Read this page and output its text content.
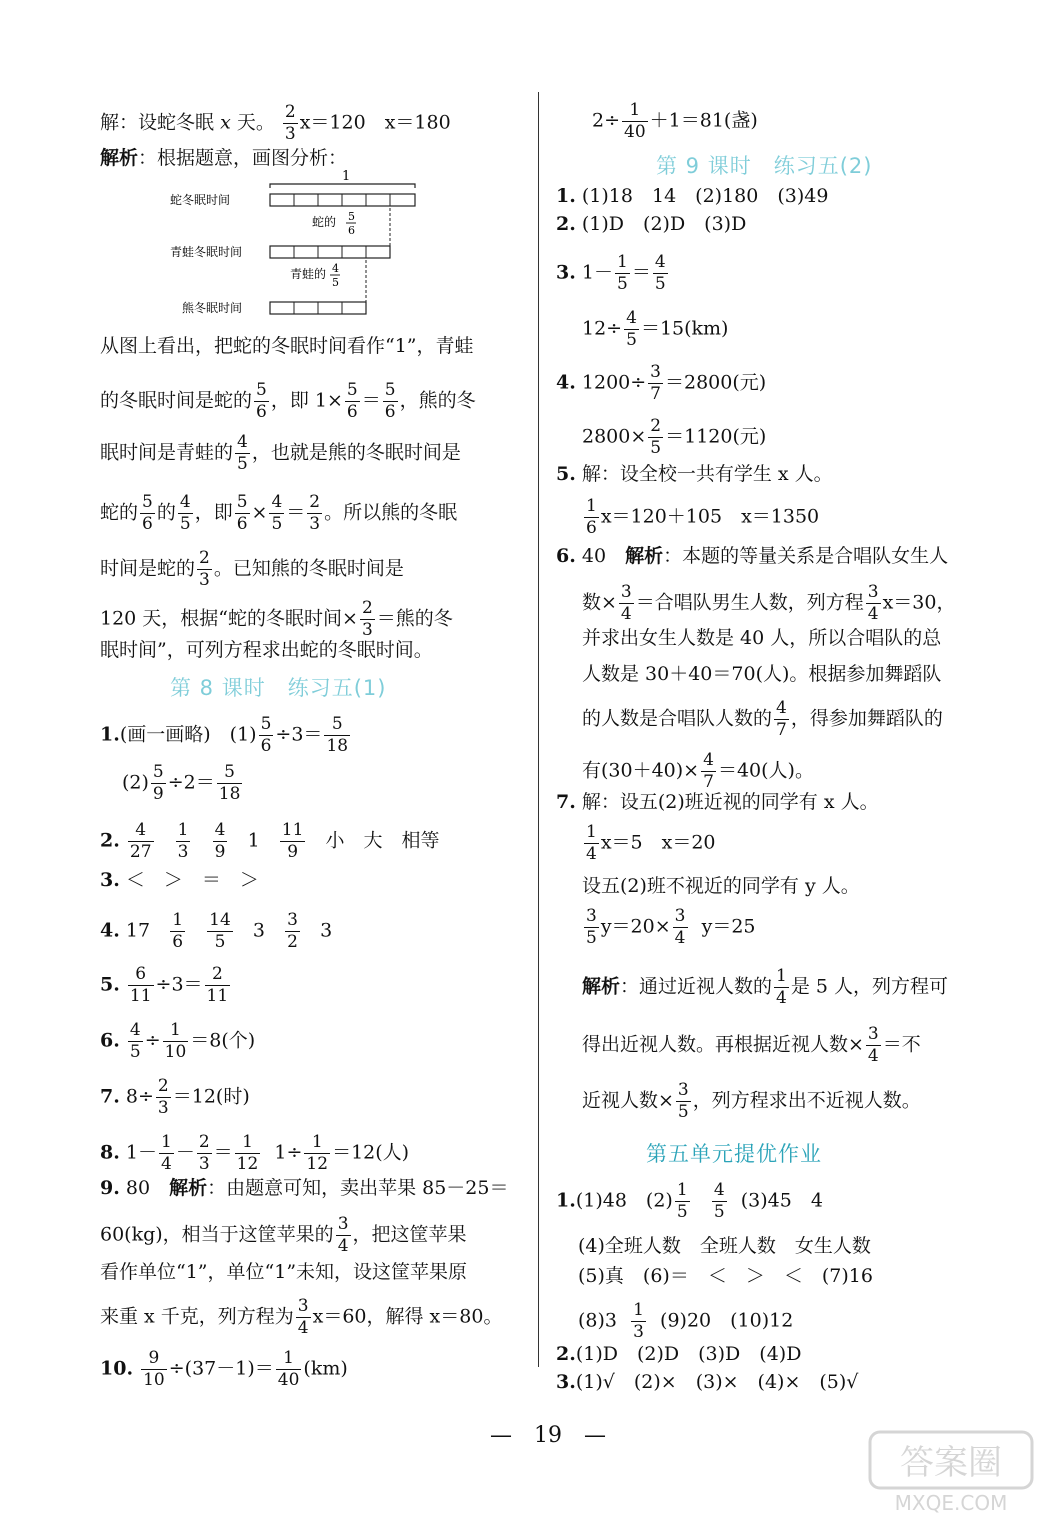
解：设蛇冬眠 x 天。 $\frac{2}{3} x=120$　x＝180
解析：根据题意，画图分析：
1
蛇冬眠时间
蛇的 5
6
青蛙冬眠时间
青蛙的 4
5
熊冬眠时间
从图上看出，把蛇的冬眠时间看作“1”，青蛙
的冬眠时间是蛇的 $\frac{5}{6}$ ，即 $1\times \frac{5}{6} = \frac{5}{6}$ ，熊的冬
眠时间是青蛙的 $\frac{4}{5}$ ，也就是熊的冬眠时间是
蛇的 $\frac{5}{6}$ 的 $\frac{4}{5}$ ，即 $\frac{5}{6} \times \frac{4}{5} = \frac{2}{3}$ 。所以熊的冬眠
时间是蛇的 $\frac{2}{3}$ 。已知熊的冬眠时间是
120 天，根据“蛇的冬眠时间× $\frac{2}{3}$ ＝熊的冬
眠时间”，可列方程求出蛇的冬眠时间。
第 8 课时　练习五(1)
1.(画一画略)　$(1) \frac{5}{6} \div 3= \frac{5}{18}$
$(2) \frac{5}{9} \div 2= \frac{5}{18}$
2. $\frac{4}{27}$
$\frac{1}{3}$
$\frac{4}{9} 1 \frac{11}{9}$ 小　大　相等
3. ＜　＞　＝　＞
4. $17 \frac{1}{6}$
$\frac{14}{5} 3 \frac{3}{2} 3$
5. $\frac{6}{11} \div 3= \frac{2}{11}$
6. $\frac{4}{5} \div \frac{1}{10} =8$(个)
7. $8\div \frac{2}{3} =12$(时)
8. $1- \frac{1}{4} - \frac{2}{3} = \frac{1}{12} 1\div \frac{1}{12} =12$(人)
9. 80　解析：由题意可知，卖出苹果 85－25＝
60(kg)，相当于这筐苹果的 $\frac{3}{4}$ ，把这筐苹果
看作单位“1”，单位“1”未知，设这筐苹果原
来重 x 千克，列方程为 $\frac{3}{4} x=60$，解得 x＝80。
10. $\frac{9}{10} \div(37-1)= \frac{1}{40} (km)$
$2\div \frac{1}{40} +1=81$(盏)
第 9 课时　练习五(2)
1. (1)18　14　(2)180　(3)49
2. (1)D　(2)D　(3)D
3. $1- \frac{1}{5} = \frac{4}{5}$
$12\div \frac{4}{5} =15(km)$
4. $1200\div \frac{3}{7} =2800$(元)
$2800\times \frac{2}{5} =1120$(元)
5. 解：设全校一共有学生 x 人。
$\frac{1}{6} x=120+105$　x＝1350
6. 40　解析：本题的等量关系是合唱队女生人
数× $\frac{3}{4}$ ＝合唱队男生人数，列方程 $\frac{3}{4} x=30$，
并求出女生人数是 40 人，所以合唱队的总
人数是 30＋40＝70(人)。根据参加舞蹈队
的人数是合唱队人数的 $\frac{4}{7}$ ，得参加舞蹈队的
有$(30+40)\times \frac{4}{7} =40$(人)。
7. 解：设五(2)班近视的同学有 x 人。
$\frac{1}{4} x=5$　x＝20
设五(2)班不视近的同学有 y 人。
$\frac{3}{5} y=20\times \frac{3}{4} y=25$
解析：通过近视人数的 $\frac{1}{4}$ 是 5 人，列方程可
得出近视人数。再根据近视人数× $\frac{3}{4}$ ＝不
近视人数× $\frac{3}{5}$ ，列方程求出不近视人数。
第五单元提优作业
1.(1)48　$(2) \frac{1}{5}$
$\frac{4}{5} (3)45$　4
(4)全班人数　全班人数　女生人数
(5)真　(6)＝　＜　＞　＜　(7)16
$(8)3 \frac{1}{3} (9)20$　(10)12
2.(1)D　(2)D　(3)D　(4)D
3.(1)√　(2)×　(3)×　(4)×　(5)√
—　19　—
答案圈
MXQE.COM
